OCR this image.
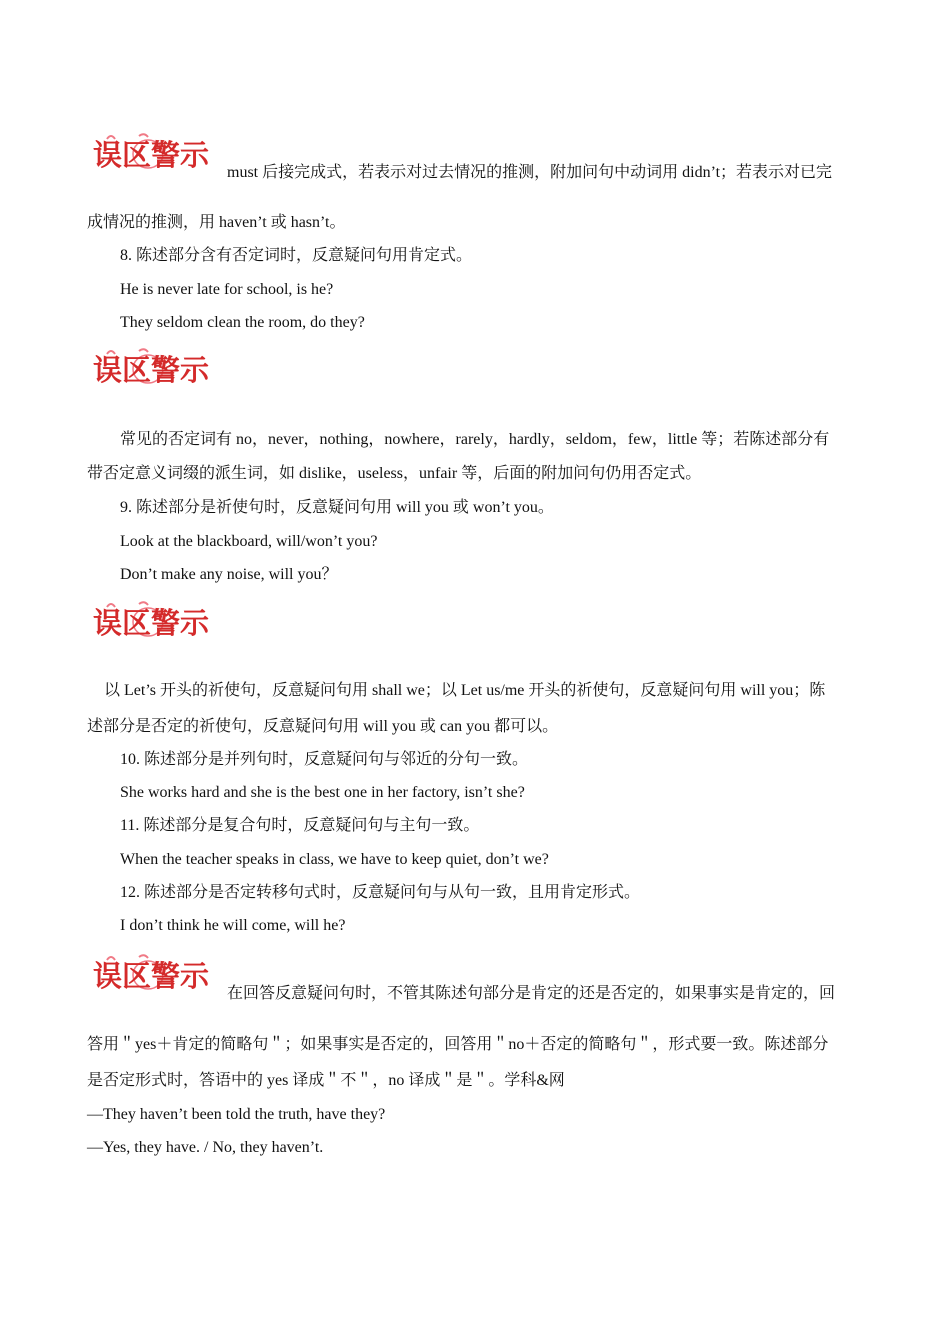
误区警示
must 后接完成式，若表示对过去情况的推测，附加问句中动词用 didn’t；若表示对已完
成情况的推测，用 haven’t 或 hasn’t。
8. 陈述部分含有否定词时，反意疑问句用肯定式。
He is never late for school, is he?
They seldom clean the room, do they?
误区警示
常见的否定词有 no，never，nothing，nowhere，rarely，hardly，seldom，few，little 等；若陈述部分有
带否定意义词缀的派生词，如 dislike，useless，unfair 等，后面的附加问句仍用否定式。
9. 陈述部分是祈使句时，反意疑问句用 will you 或 won’t you。
Look at the blackboard, will/won’t you?
Don’t make any noise, will you？
误区警示
以 Let’s 开头的祈使句，反意疑问句用 shall we；以 Let us/me 开头的祈使句，反意疑问句用 will you；陈
述部分是否定的祈使句，反意疑问句用 will you 或 can you 都可以。
10. 陈述部分是并列句时，反意疑问句与邻近的分句一致。
She works hard and she is the best one in her factory, isn’t she?
11. 陈述部分是复合句时，反意疑问句与主句一致。
When the teacher speaks in class, we have to keep quiet, don’t we?
12. 陈述部分是否定转移句式时，反意疑问句与从句一致，且用肯定形式。
I don’t think he will come, will he?
误区警示
在回答反意疑问句时，不管其陈述句部分是肯定的还是否定的，如果事实是肯定的，回
答用＂yes＋肯定的简略句＂；如果事实是否定的，回答用＂no＋否定的简略句＂，形式要一致。陈述部分
是否定形式时，答语中的 yes 译成＂不＂，no 译成＂是＂。学科&网
—They haven’t been told the truth, have they?
—Yes, they have. / No, they haven’t.
